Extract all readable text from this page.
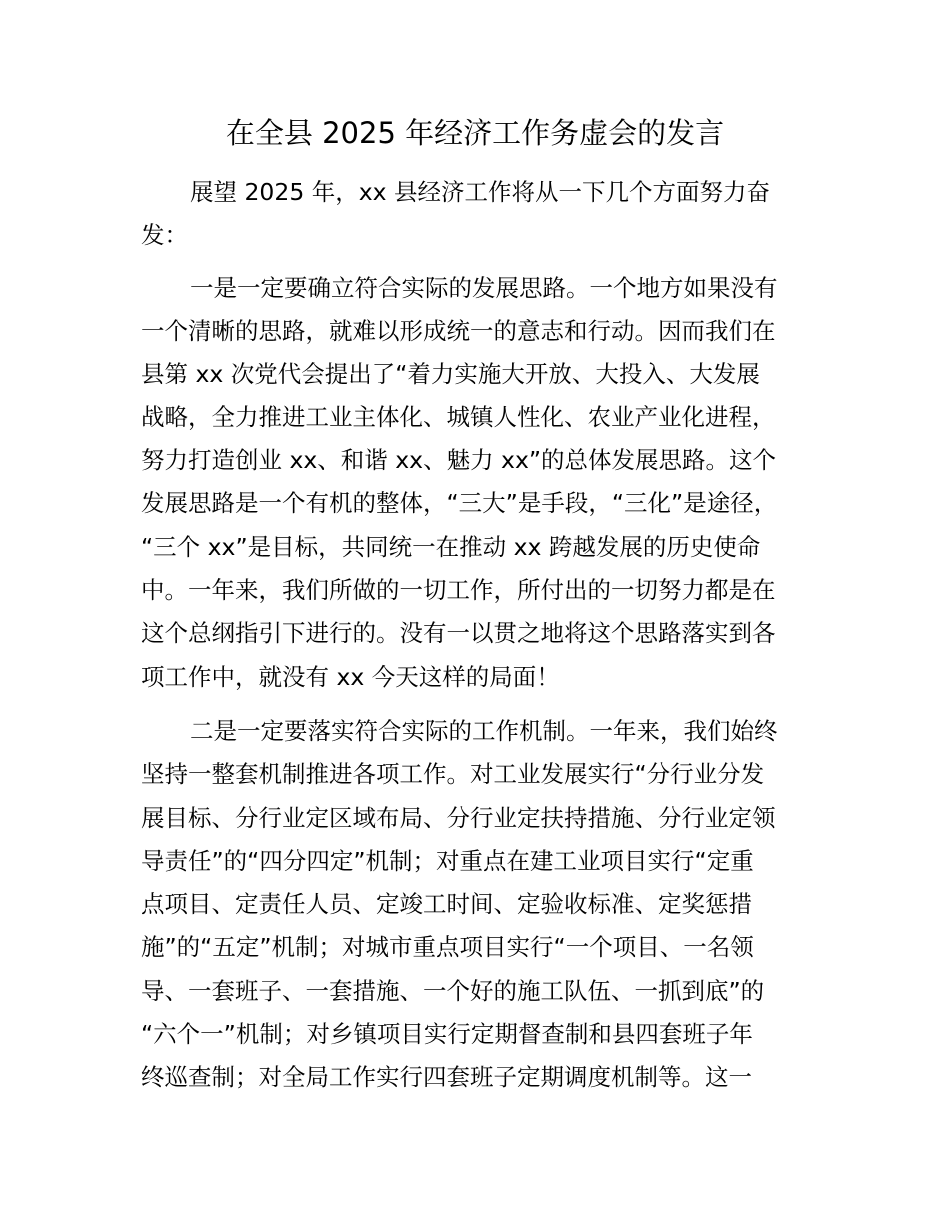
在全县 2025 年经济工作务虚会的发言

展望 2025 年，xx 县经济工作将从一下几个方面努力奋

发：

一是一定要确立符合实际的发展思路。一个地方如果没有

一个清晰的思路，就难以形成统一的意志和行动。因而我们在

县第 xx 次党代会提出了“着力实施大开放、大投入、大发展

战略，全力推进工业主体化、城镇人性化、农业产业化进程，

努力打造创业 xx、和谐 xx、魅力 xx”的总体发展思路。这个

发展思路是一个有机的整体，“三大”是手段，“三化”是途径，

“三个 xx”是目标，共同统一在推动 xx 跨越发展的历史使命

中。一年来，我们所做的一切工作，所付出的一切努力都是在

这个总纲指引下进行的。没有一以贯之地将这个思路落实到各

项工作中，就没有 xx 今天这样的局面！

二是一定要落实符合实际的工作机制。一年来，我们始终

坚持一整套机制推进各项工作。对工业发展实行“分行业分发

展目标、分行业定区域布局、分行业定扶持措施、分行业定领

导责任”的“四分四定”机制；对重点在建工业项目实行“定重

点项目、定责任人员、定竣工时间、定验收标准、定奖惩措

施”的“五定”机制；对城市重点项目实行“一个项目、一名领

导、一套班子、一套措施、一个好的施工队伍、一抓到底”的

“六个一”机制；对乡镇项目实行定期督查制和县四套班子年

终巡查制；对全局工作实行四套班子定期调度机制等。这一
